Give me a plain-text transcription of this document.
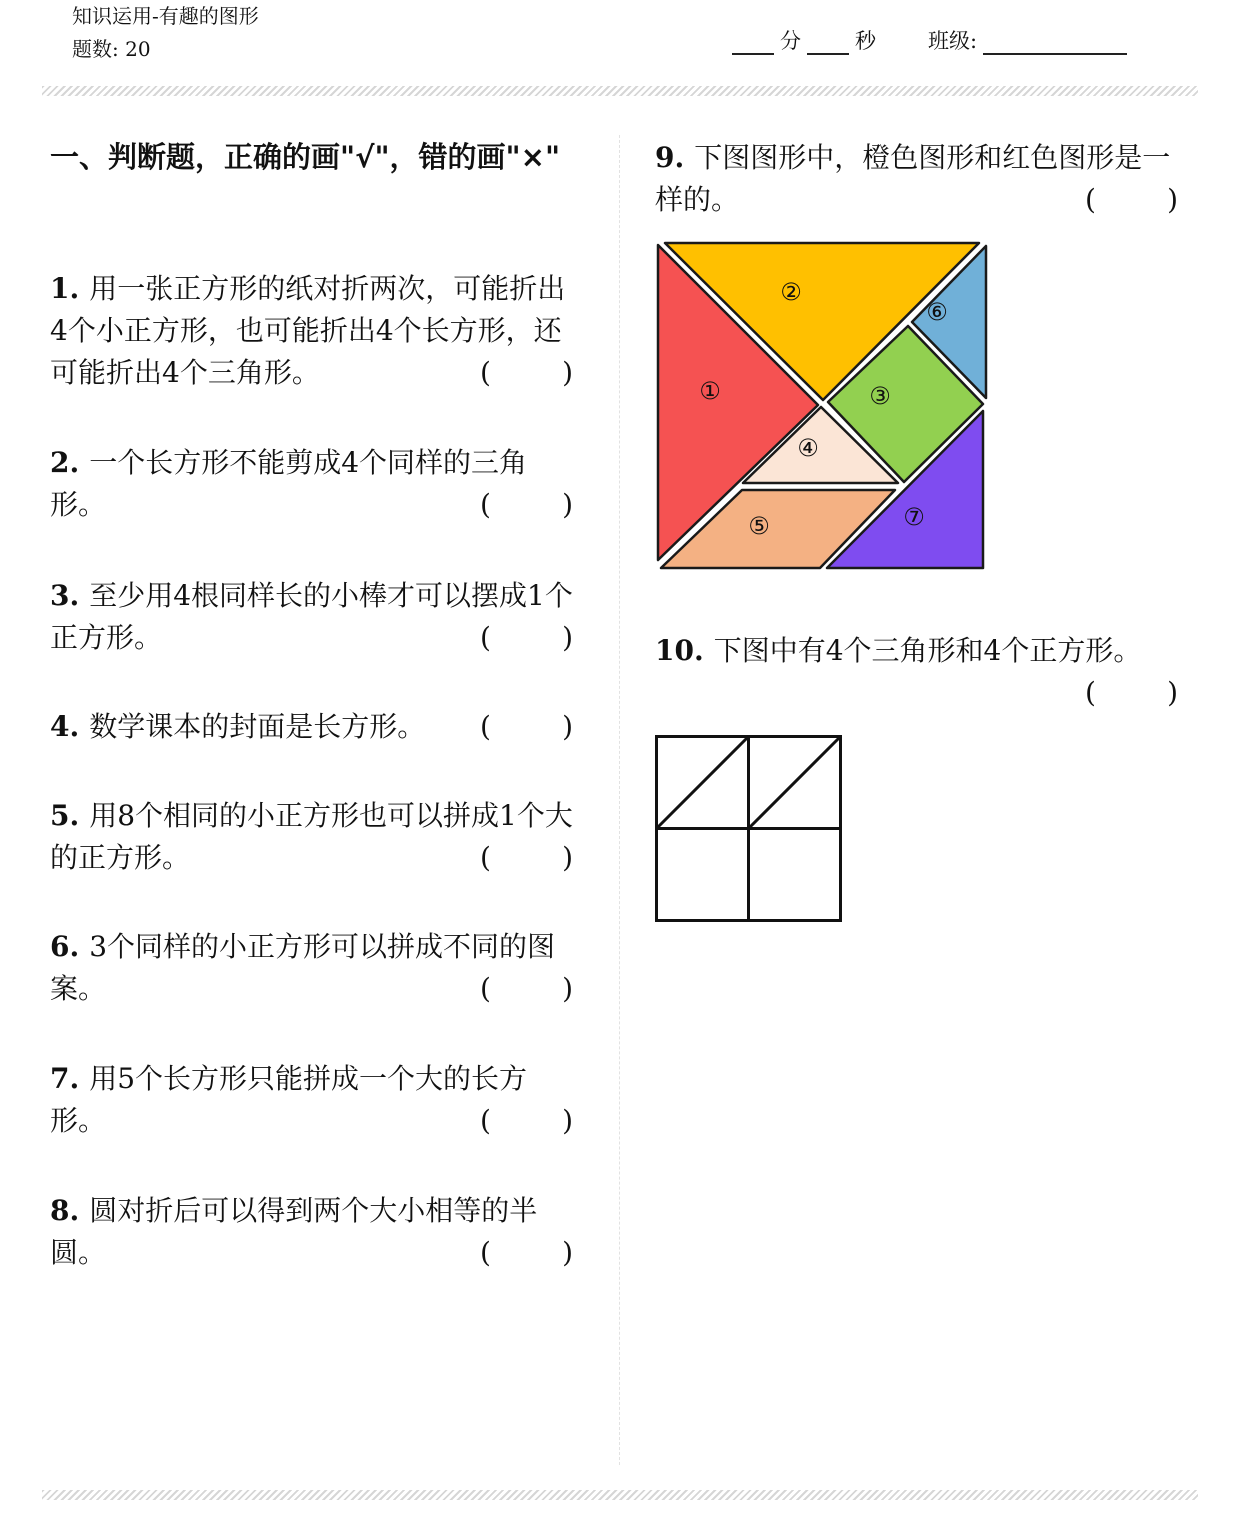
知识运用-有趣的图形
题数: 20	分	秒 班级:
一、判断题，正确的画"√"，错的画"×"
1. 用一张正方形的纸对折两次，可能折出4个小正方形，也可能折出4个长方形，还可能折出4个三角形。	(        )
2. 一个长方形不能剪成4个同样的三角形。	(        )
3. 至少用4根同样长的小棒才可以摆成1个正方形。	(        )
4. 数学课本的封面是长方形。 (        )
5. 用8个相同的小正方形也可以拼成1个大的正方形。	(        )
6. 3个同样的小正方形可以拼成不同的图案。	(        )
7. 用5个长方形只能拼成一个大的长方形。	(        )
8. 圆对折后可以得到两个大小相等的半圆。	(        )
9. 下图图形中，橙色图形和红色图形是一样的。	(        )
①
②
③
④
⑤
⑥
⑦
10. 下图中有4个三角形和4个正方形。
(        )
